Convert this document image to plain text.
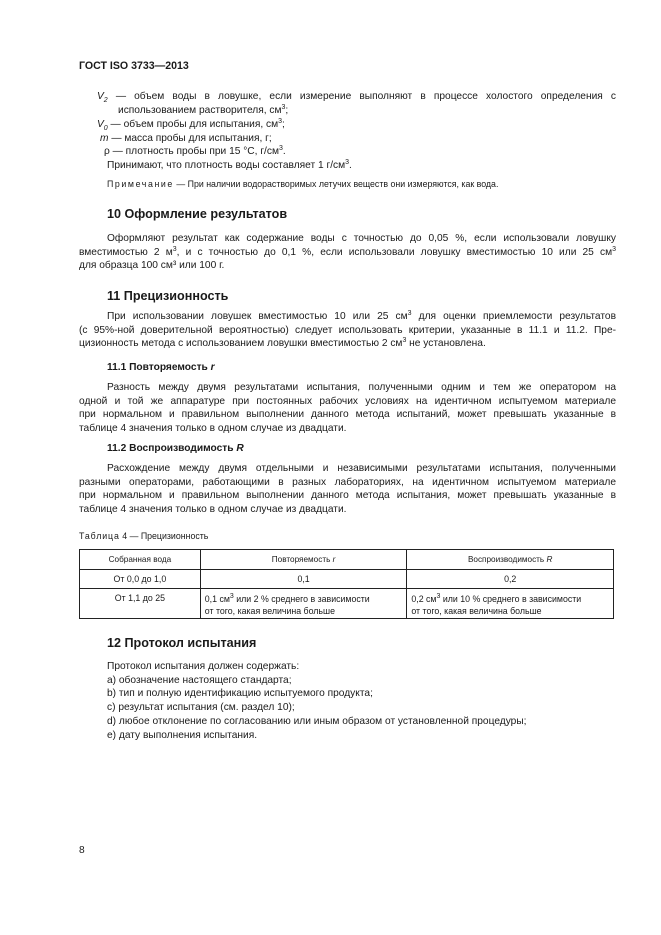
ГОСТ ISO 3733—2013
$V_2$ — объем воды в ловушке, если измерение выполняют в процессе холостого определения с
использованием растворителя, $см^3$;
$V_0$ — объем пробы для испытания, $см^3$;
m — масса пробы для испытания, г;
ρ — плотность пробы при 15 °С, $г/см^3$.
Принимают, что плотность воды составляет 1 $г/см^3$.
Примечание — При наличии водорастворимых летучих веществ они измеряются, как вода.
10 Оформление результатов
Оформляют результат как содержание воды с точностью до 0,05 %, если использовали ловушку
вместимостью 2 $м^3$, и с точностью до 0,1 %, если использовали ловушку вместимостью 10 или 25 $см^3$
для образца 100 см³ или 100 г.
11 Прецизионность
При использовании ловушек вместимостью 10 или 25 $см^3$ для оценки приемлемости результатов
(с 95%-ной доверительной вероятностью) следует использовать критерии, указанные в 11.1 и 11.2. Пре-
цизионность метода с использованием ловушки вместимостью 2 $см^3$ не установлена.
11.1 Повторяемость r
Разность между двумя результатами испытания, полученными одним и тем же оператором на
одной и той же аппаратуре при постоянных рабочих условиях на идентичном испытуемом материале
при нормальном и правильном выполнении данного метода испытаний, может превышать указанные в
таблице 4 значения только в одном случае из двадцати.
11.2 Воспроизводимость R
Расхождение между двумя отдельными и независимыми результатами испытания, полученными
разными операторами, работающими в разных лабораториях, на идентичном испытуемом материале
при нормальном и правильном выполнении данного метода испытания, может превышать указанные в
таблице 4 значения только в одном случае из двадцати.
Таблица 4 — Прецизионность
Собранная вода	Повторяемость r	Воспроизводимость R
От 0,0 до 1,0	0,1	0,2
От 1,1 до 25	0,1 $см^3$ или 2 % среднего в зависимости
от того, какая величина больше	0,2 $см^3$ или 10 % среднего в зависимости
от того, какая величина больше
12 Протокол испытания
Протокол испытания должен содержать:
a) обозначение настоящего стандарта;
b) тип и полную идентификацию испытуемого продукта;
c) результат испытания (см. раздел 10);
d) любое отклонение по согласованию или иным образом от установленной процедуры;
e) дату выполнения испытания.
8
